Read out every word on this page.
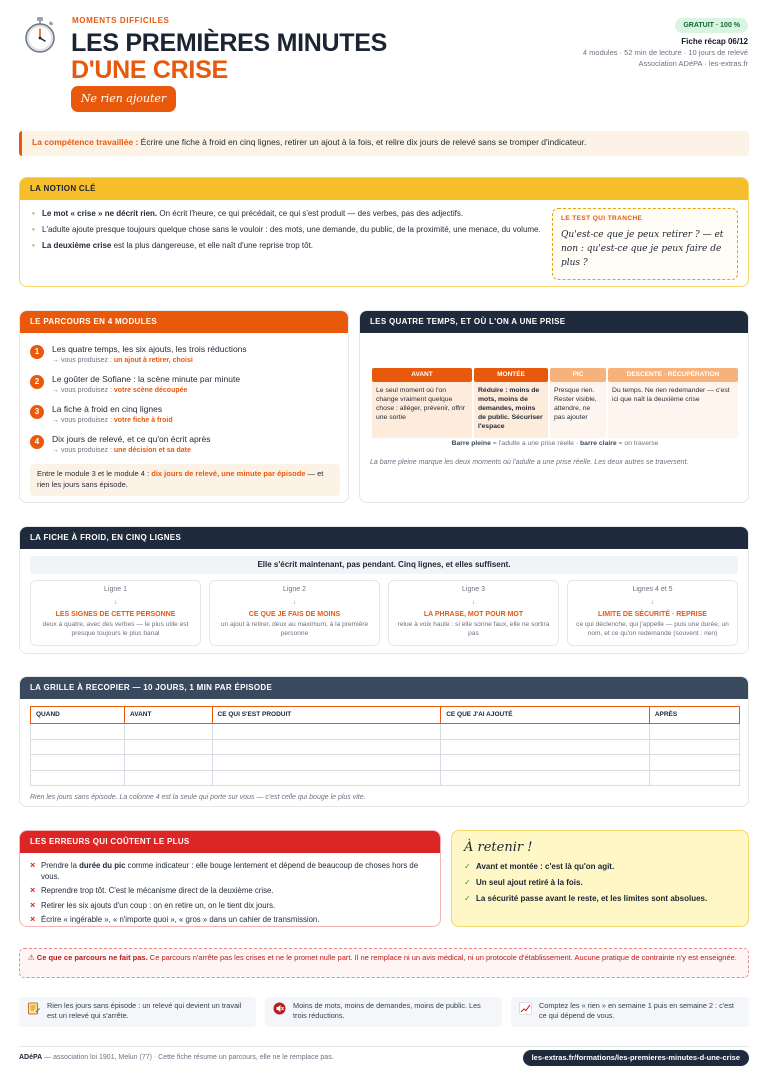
MOMENTS DIFFICILES
LES PREMIÈRES MINUTES
D'UNE CRISE
Ne rien ajouter
GRATUIT · 100 %
Fiche récap 06/12
4 modules · 52 min de lecture · 10 jours de relevé
Association ADéPA · les-extras.fr
La compétence travaillée : Écrire une fiche à froid en cinq lignes, retirer un ajout à la fois, et relire dix jours de relevé sans se tromper d'indicateur.
LA NOTION CLÉ
• Le mot « crise » ne décrit rien. On écrit l'heure, ce qui précédait, ce qui s'est produit — des verbes, pas des adjectifs.
• L'adulte ajoute presque toujours quelque chose sans le vouloir : des mots, une demande, du public, de la proximité, une menace, du volume.
• La deuxième crise est la plus dangereuse, et elle naît d'une reprise trop tôt.
LE TEST QUI TRANCHE
Qu'est-ce que je peux retirer ? — et non : qu'est-ce que je peux faire de plus ?
LE PARCOURS EN 4 MODULES
1	Les quatre temps, les six ajouts, les trois réductions
→ vous produisez : un ajout à retirer, choisi
2	Le goûter de Sofiane : la scène minute par minute
→ vous produisez : votre scène découpée
3	La fiche à froid en cinq lignes
→ vous produisez : votre fiche à froid
4	Dix jours de relevé, et ce qu'on écrit après
→ vous produisez : une décision et sa date
Entre le module 3 et le module 4 : dix jours de relevé, une minute par épisode — et rien les jours sans épisode.
LES QUATRE TEMPS, ET OÙ L'ON A UNE PRISE
AVANT
Le seul moment où l'on change vraiment quelque chose : alléger, prévenir, offrir une sortie
MONTÉE
Réduire : moins de mots, moins de demandes, moins de public. Sécuriser l'espace
PIC
Presque rien. Rester visible, attendre, ne pas ajouter
DESCENTE · RÉCUPÉRATION
Du temps. Ne rien redemander — c'est ici que naît la deuxième crise
Barre pleine = l'adulte a une prise réelle · barre claire = on traverse
La barre pleine marque les deux moments où l'adulte a une prise réelle. Les deux autres se traversent.
LA FICHE À FROID, EN CINQ LIGNES
Elle s'écrit maintenant, pas pendant. Cinq lignes, et elles suffisent.
Ligne 1
↓
LES SIGNES DE CETTE PERSONNE
deux à quatre, avec des verbes — le plus utile est presque toujours le plus banal
Ligne 2
↓
CE QUE JE FAIS DE MOINS
un ajout à retirer, deux au maximum, à la première personne
Ligne 3
↓
LA PHRASE, MOT POUR MOT
relue à voix haute : si elle sonne faux, elle ne sortira pas
Lignes 4 et 5
↓
LIMITE DE SÉCURITÉ · REPRISE
ce qui déclenche, qui j'appelle — puis une durée, un nom, et ce qu'on redemande (souvent : rien)
LA GRILLE À RECOPIER — 10 JOURS, 1 MIN PAR ÉPISODE
QUAND	AVANT	CE QUI S'EST PRODUIT	CE QUE J'AI AJOUTÉ	APRÈS

Rien les jours sans épisode. La colonne 4 est la seule qui porte sur vous — c'est celle qui bouge le plus vite.
LES ERREURS QUI COÛTENT LE PLUS
× Prendre la durée du pic comme indicateur : elle bouge lentement et dépend de beaucoup de choses hors de vous.
× Reprendre trop tôt. C'est le mécanisme direct de la deuxième crise.
× Retirer les six ajouts d'un coup : on en retire un, on le tient dix jours.
× Écrire « ingérable », « n'importe quoi », « gros » dans un cahier de transmission.
À retenir !
✓ Avant et montée : c'est là qu'on agit.
✓ Un seul ajout retiré à la fois.
✓ La sécurité passe avant le reste, et les limites sont absolues.
⚠ Ce que ce parcours ne fait pas. Ce parcours n'arrête pas les crises et ne le promet nulle part. Il ne remplace ni un avis médical, ni un protocole d'établissement. Aucune pratique de contrainte n'y est enseignée.
Rien les jours sans épisode : un relevé qui devient un travail est un relevé qui s'arrête.
Moins de mots, moins de demandes, moins de public. Les trois réductions.
Comptez les « rien » en semaine 1 puis en semaine 2 : c'est ce qui dépend de vous.
ADéPA — association loi 1901, Melun (77) · Cette fiche résume un parcours, elle ne le remplace pas.	les-extras.fr/formations/les-premieres-minutes-d-une-crise
